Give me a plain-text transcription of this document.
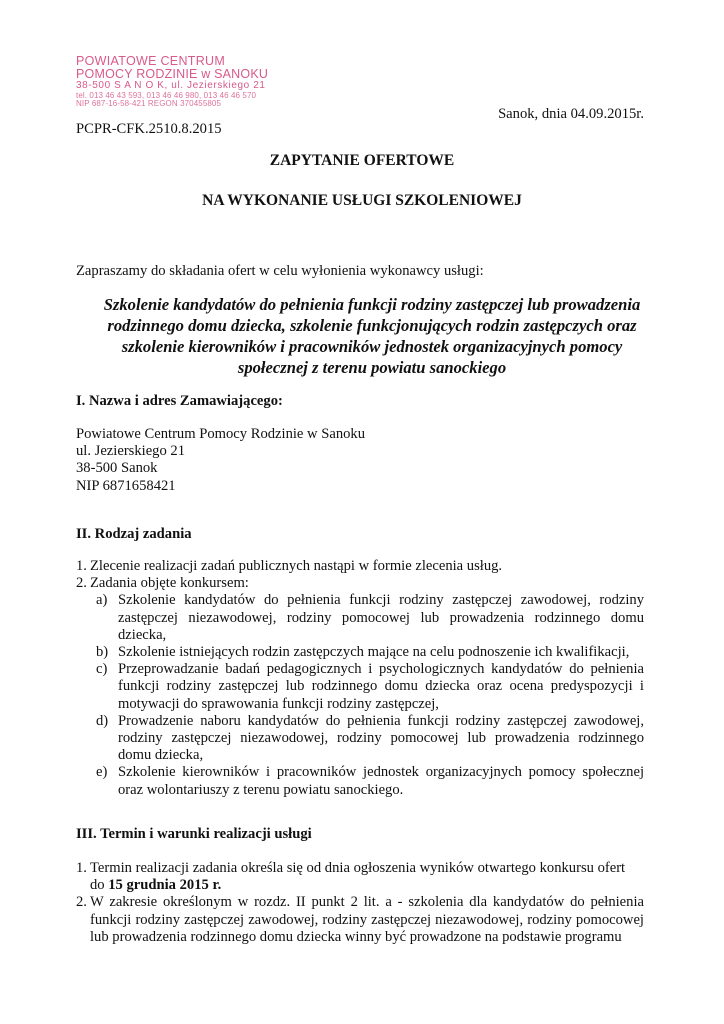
POWIATOWE CENTRUM
POMOCY RODZINIE w SANOKU
38-500 S A N O K, ul. Jezierskiego 21
tel. 013 46 43 593, 013 46 46 980, 013 46 46 570
NIP 687-16-58-421 REGON 370455805
Sanok, dnia 04.09.2015r.
PCPR-CFK.2510.8.2015
ZAPYTANIE OFERTOWE
NA WYKONANIE USŁUGI SZKOLENIOWEJ
Zapraszamy do składania ofert w celu wyłonienia wykonawcy usługi:
Szkolenie kandydatów do pełnienia funkcji rodziny zastępczej lub prowadzenia rodzinnego domu dziecka, szkolenie funkcjonujących rodzin zastępczych oraz szkolenie kierowników i pracowników jednostek organizacyjnych pomocy społecznej z terenu powiatu sanockiego
I. Nazwa i adres Zamawiającego:
Powiatowe Centrum Pomocy Rodzinie w Sanoku
ul. Jezierskiego 21
38-500 Sanok
NIP 6871658421
II. Rodzaj zadania
1. Zlecenie realizacji zadań publicznych nastąpi w formie zlecenia usług.
2. Zadania objęte konkursem:
a) Szkolenie kandydatów do pełnienia funkcji rodziny zastępczej zawodowej, rodziny zastępczej niezawodowej, rodziny pomocowej lub prowadzenia rodzinnego domu dziecka,
b) Szkolenie istniejących rodzin zastępczych mające na celu podnoszenie ich kwalifikacji,
c) Przeprowadzanie badań pedagogicznych i psychologicznych kandydatów do pełnienia funkcji rodziny zastępczej lub rodzinnego domu dziecka oraz ocena predyspozycji i motywacji do sprawowania funkcji rodziny zastępczej,
d) Prowadzenie naboru kandydatów do pełnienia funkcji rodziny zastępczej zawodowej, rodziny zastępczej niezawodowej, rodziny pomocowej lub prowadzenia rodzinnego domu dziecka,
e) Szkolenie kierowników i pracowników jednostek organizacyjnych pomocy społecznej oraz wolontariuszy z terenu powiatu sanockiego.
III. Termin i warunki realizacji usługi
1. Termin realizacji zadania określa się od dnia ogłoszenia wyników otwartego konkursu ofert
do 15 grudnia 2015 r.
2. W zakresie określonym w rozdz. II punkt 2 lit. a - szkolenia dla kandydatów do pełnienia funkcji rodziny zastępczej zawodowej, rodziny zastępczej niezawodowej, rodziny pomocowej lub prowadzenia rodzinnego domu dziecka winny być prowadzone na podstawie programu
